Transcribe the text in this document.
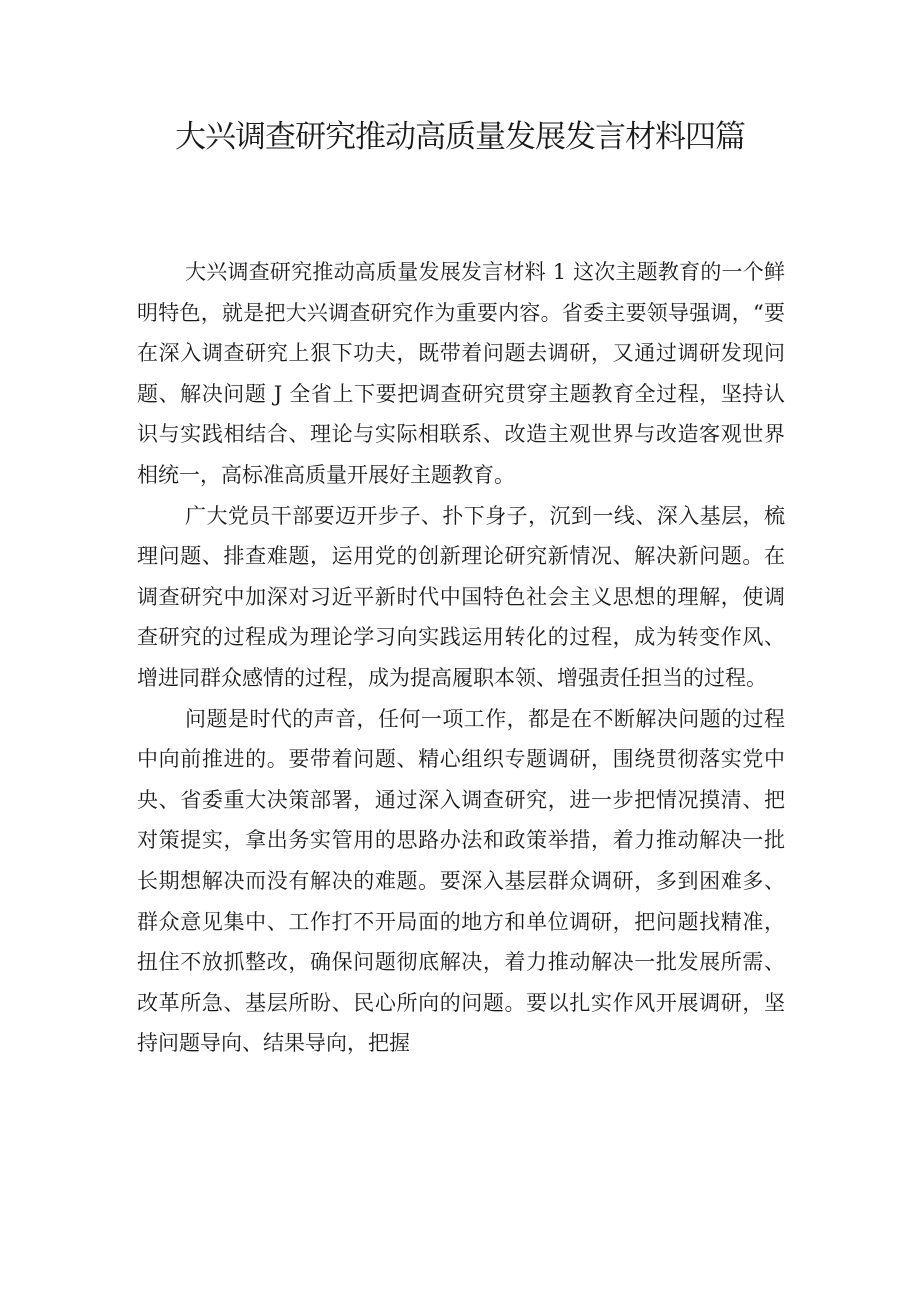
大兴调查研究推动高质量发展发言材料四篇

大兴调查研究推动高质量发展发言材料 1 这次主题教育的一个鲜明特色，就是把大兴调查研究作为重要内容。省委主要领导强调，“要在深入调查研究上狠下功夫，既带着问题去调研，又通过调研发现问题、解决问题 J 全省上下要把调查研究贯穿主题教育全过程，坚持认识与实践相结合、理论与实际相联系、改造主观世界与改造客观世界相统一，高标准高质量开展好主题教育。

广大党员干部要迈开步子、扑下身子，沉到一线、深入基层，梳理问题、排查难题，运用党的创新理论研究新情况、解决新问题。在调查研究中加深对习近平新时代中国特色社会主义思想的理解，使调查研究的过程成为理论学习向实践运用转化的过程，成为转变作风、增进同群众感情的过程，成为提高履职本领、增强责任担当的过程。

问题是时代的声音，任何一项工作，都是在不断解决问题的过程中向前推进的。要带着问题、精心组织专题调研，围绕贯彻落实党中央、省委重大决策部署，通过深入调查研究，进一步把情况摸清、把对策提实，拿出务实管用的思路办法和政策举措，着力推动解决一批长期想解决而没有解决的难题。要深入基层群众调研，多到困难多、群众意见集中、工作打不开局面的地方和单位调研，把问题找精准，扭住不放抓整改，确保问题彻底解决，着力推动解决一批发展所需、改革所急、基层所盼、民心所向的问题。要以扎实作风开展调研，坚持问题导向、结果导向，把握
